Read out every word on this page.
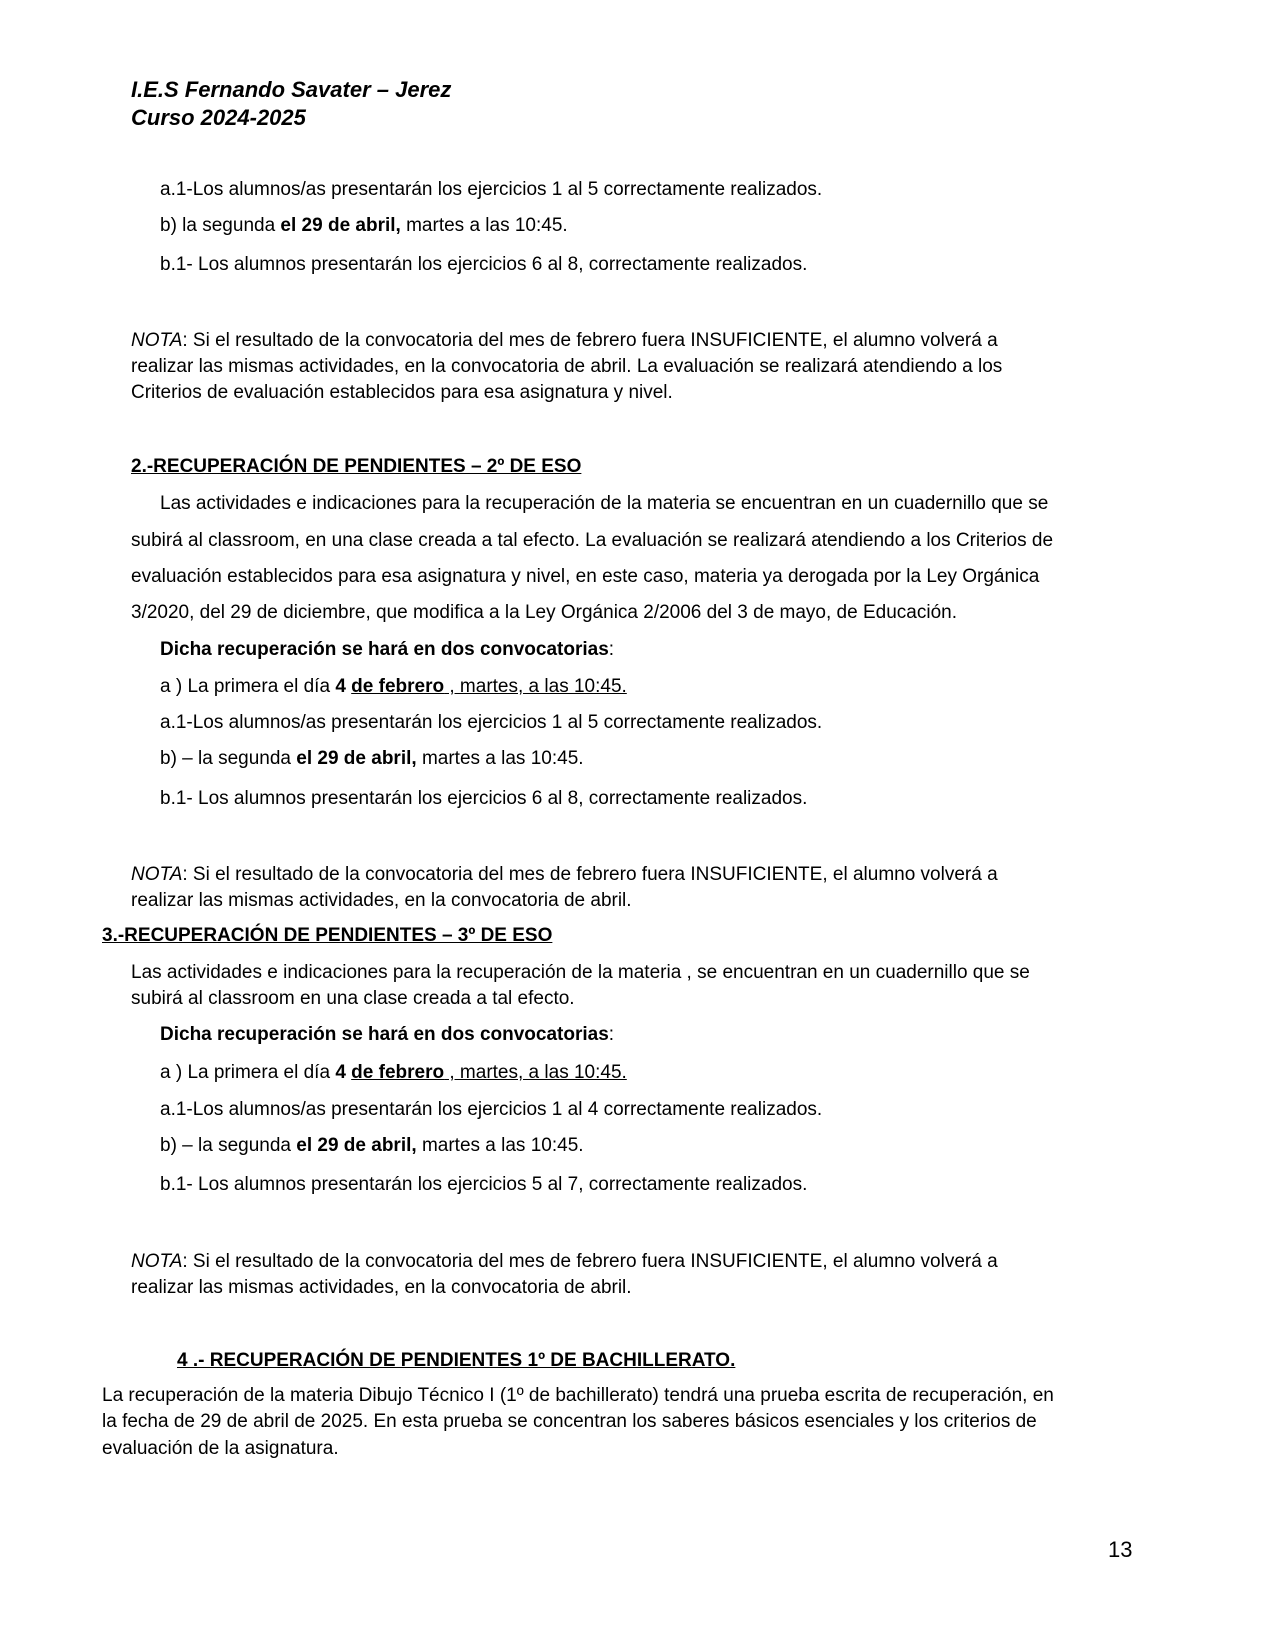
I.E.S Fernando Savater – Jerez
Curso 2024-2025
a.1-Los alumnos/as presentarán los ejercicios 1 al 5 correctamente realizados.
b) la segunda el 29 de abril, martes a las 10:45.
b.1- Los alumnos presentarán los ejercicios 6 al 8, correctamente realizados.
NOTA: Si el resultado de la convocatoria del mes de febrero fuera INSUFICIENTE, el alumno volverá a
realizar las mismas actividades, en la convocatoria de abril. La evaluación se realizará atendiendo a los
Criterios de evaluación establecidos para esa asignatura y nivel.
2.-RECUPERACIÓN DE PENDIENTES – 2º DE ESO
Las actividades e indicaciones para la recuperación de la materia se encuentran en un cuadernillo que se
subirá al classroom, en una clase creada a tal efecto. La evaluación se realizará atendiendo a los Criterios de
evaluación establecidos para esa asignatura y nivel, en este caso, materia ya derogada por la Ley Orgánica
3/2020, del 29 de diciembre, que modifica a la Ley Orgánica 2/2006 del 3 de mayo, de Educación.
Dicha recuperación se hará en dos convocatorias:
a ) La primera el día 4 de febrero , martes, a las 10:45.
a.1-Los alumnos/as presentarán los ejercicios 1 al 5 correctamente realizados.
b) – la segunda el 29 de abril, martes a las 10:45.
b.1- Los alumnos presentarán los ejercicios 6 al 8, correctamente realizados.
NOTA: Si el resultado de la convocatoria del mes de febrero fuera INSUFICIENTE, el alumno volverá a
realizar las mismas actividades, en la convocatoria de abril.
3.-RECUPERACIÓN DE PENDIENTES – 3º DE ESO
Las actividades e indicaciones para la recuperación de la materia , se encuentran en un cuadernillo que se
subirá al classroom en una clase creada a tal efecto.
Dicha recuperación se hará en dos convocatorias:
a ) La primera el día 4 de febrero , martes, a las 10:45.
a.1-Los alumnos/as presentarán los ejercicios 1 al 4 correctamente realizados.
b) – la segunda el 29 de abril, martes a las 10:45.
b.1- Los alumnos presentarán los ejercicios 5 al 7, correctamente realizados.
NOTA: Si el resultado de la convocatoria del mes de febrero fuera INSUFICIENTE, el alumno volverá a
realizar las mismas actividades, en la convocatoria de abril.
4 .- RECUPERACIÓN DE PENDIENTES 1º DE BACHILLERATO.
La recuperación de la materia Dibujo Técnico I (1º de bachillerato) tendrá una prueba escrita de recuperación, en
la fecha de 29 de abril de 2025. En esta prueba se concentran los saberes básicos esenciales y los criterios de
evaluación de la asignatura.
13
